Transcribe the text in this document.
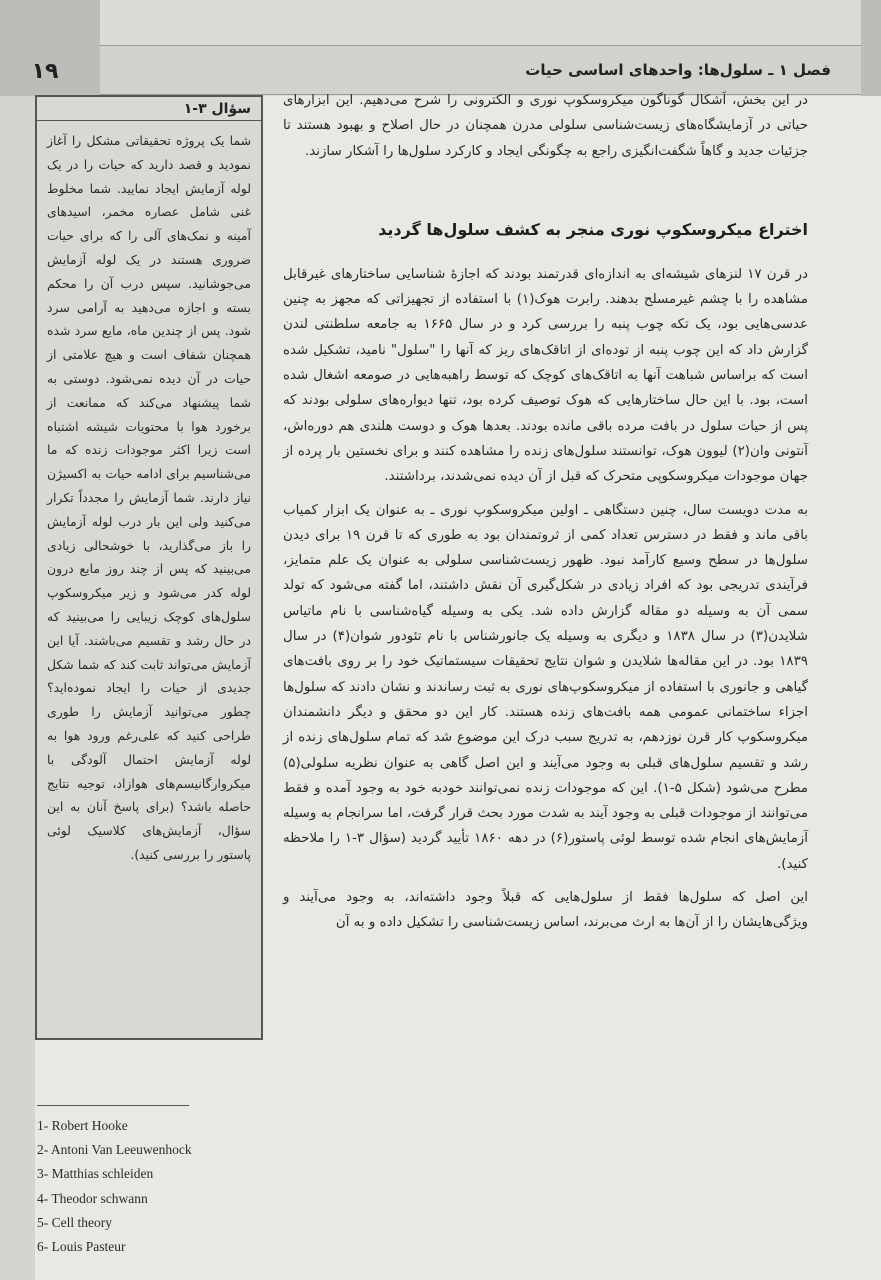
فصل ۱ ـ سلول‌ها: واحدهای اساسی حیات
۱۹
سؤال ۳-۱
شما یک پروژه تحقیقاتی مشکل را آغاز نمودید و قصد دارید که حیات را در یک لوله آزمایش ایجاد نمایید. شما مخلوط غنی شامل عصاره مخمر، اسیدهای آمینه و نمک‌های آلی را که برای حیات ضروری هستند در یک لوله آزمایش می‌جوشانید. سپس درب آن را محکم بسته و اجازه می‌دهید به آرامی سرد شود. پس از چندین ماه، مایع سرد شده همچنان شفاف است و هیچ علامتی از حیات در آن دیده نمی‌شود. دوستی به شما پیشنهاد می‌کند که ممانعت از برخورد هوا با محتویات شیشه اشتباه است زیرا اکثر موجودات زنده که ما می‌شناسیم برای ادامه حیات به اکسیژن نیاز دارند. شما آزمایش را مجدداً تکرار می‌کنید ولی این بار درب لوله آزمایش را باز می‌گذارید، با خوشحالی زیادی می‌بینید که پس از چند روز مایع درون لوله کدر می‌شود و زیر میکروسکوپ سلول‌های کوچک زیبایی را می‌بینید که در حال رشد و تقسیم می‌باشند. آیا این آزمایش می‌تواند ثابت کند که شما شکل جدیدی از حیات را ایجاد نموده‌اید؟ چطور می‌توانید آزمایش را طوری طراحی کنید که علی‌رغم ورود هوا به لوله آزمایش احتمال آلودگی با میکروارگانیسم‌های هوازاد، توجیه نتایج حاصله باشد؟ (برای پاسخ آنان به این سؤال، آزمایش‌های کلاسیک لوئی پاستور را بررسی کنید).

در این بخش، اَشکال گوناگون میکروسکوپ نوری و الکترونی را شرح می‌دهیم. این ابزارهای حیاتی در آزمایشگاه‌های زیست‌شناسی سلولی مدرن همچنان در حال اصلاح و بهبود هستند تا جزئیات جدید و گاهاً شگفت‌انگیزی راجع به چگونگی ایجاد و کارکرد سلول‌ها را آشکار سازند.

اختراع میکروسکوپ نوری منجر به کشف سلول‌ها گردید

در قرن ۱۷ لنزهای شیشه‌ای به اندازه‌ای قدرتمند بودند که اجازهٔ شناسایی ساختارهای غیرقابل مشاهده را با چشم غیرمسلح بدهند. رابرت هوک(۱) با استفاده از تجهیزاتی که مجهز به چنین عدسی‌هایی بود، یک تکه چوب پنبه را بررسی کرد و در سال ۱۶۶۵ به جامعه سلطنتی لندن گزارش داد که این چوب پنبه از توده‌ای از اتاقک‌های ریز که آنها را "سلول" نامید، تشکیل شده است که براساس شباهت آنها به اتاقک‌های کوچک که توسط راهبه‌هایی در صومعه اشغال شده است، بود. با این حال ساختارهایی که هوک توصیف کرده بود، تنها دیواره‌های سلولی بودند که پس از حیات سلول در بافت مرده باقی مانده بودند. بعدها هوک و دوست هلندی هم دوره‌اش، آنتونی وان(۲) لیوون هوک، توانستند سلول‌های زنده را مشاهده کنند و برای نخستین بار پرده از جهان موجودات میکروسکوپی متحرک که قبل از آن دیده نمی‌شدند، برداشتند.

به مدت دویست سال، چنین دستگاهی ـ اولین میکروسکوپ نوری ـ به عنوان یک ابزار کمیاب باقی ماند و فقط در دسترس تعداد کمی از ثروتمندان بود به طوری که تا قرن ۱۹ برای دیدن سلول‌ها در سطح وسیع کارآمد نبود. ظهور زیست‌شناسی سلولی به عنوان یک علم متمایز، فرآیندی تدریجی بود که افراد زیادی در شکل‌گیری آن نقش داشتند، اما گفته می‌شود که تولد سمی آن به وسیله دو مقاله گزارش داده شد. یکی به وسیله گیاه‌شناسی با نام ماتیاس شلایدن(۳) در سال ۱۸۳۸ و دیگری به وسیله یک جانورشناس با نام تئودور شوان(۴) در سال ۱۸۳۹ بود. در این مقاله‌ها شلایدن و شوان نتایج تحقیقات سیستماتیک خود را بر روی بافت‌های گیاهی و جانوری با استفاده از میکروسکوپ‌های نوری به ثبت رساندند و نشان دادند که سلول‌ها اجزاء ساختمانی عمومی همه بافت‌های زنده هستند. کار این دو محقق و دیگر دانشمندان میکروسکوپ کار قرن نوزدهم، به تدریج سبب درک این موضوع شد که تمام سلول‌های زنده از رشد و تقسیم سلول‌های قبلی به وجود می‌آیند و این اصل گاهی به عنوان نظریه سلولی(۵) مطرح می‌شود (شکل ۵-۱). این که موجودات زنده نمی‌توانند خودبه خود به وجود آمده و فقط می‌توانند از موجودات قبلی به وجود آیند به شدت مورد بحث قرار گرفت، اما سرانجام به وسیله آزمایش‌های انجام شده توسط لوئی پاستور(۶) در دهه ۱۸۶۰ تأیید گردید (سؤال ۳-۱ را ملاحظه کنید).

این اصل که سلول‌ها فقط از سلول‌هایی که قبلاً وجود داشته‌اند، به وجود می‌آیند و ویژگی‌هایشان را از آن‌ها به ارث می‌برند، اساس زیست‌شناسی را تشکیل داده و به آن

1- Robert Hooke
2- Antoni Van Leeuwenhock
3- Matthias schleiden
4- Theodor schwann
5- Cell theory
6- Louis Pasteur
